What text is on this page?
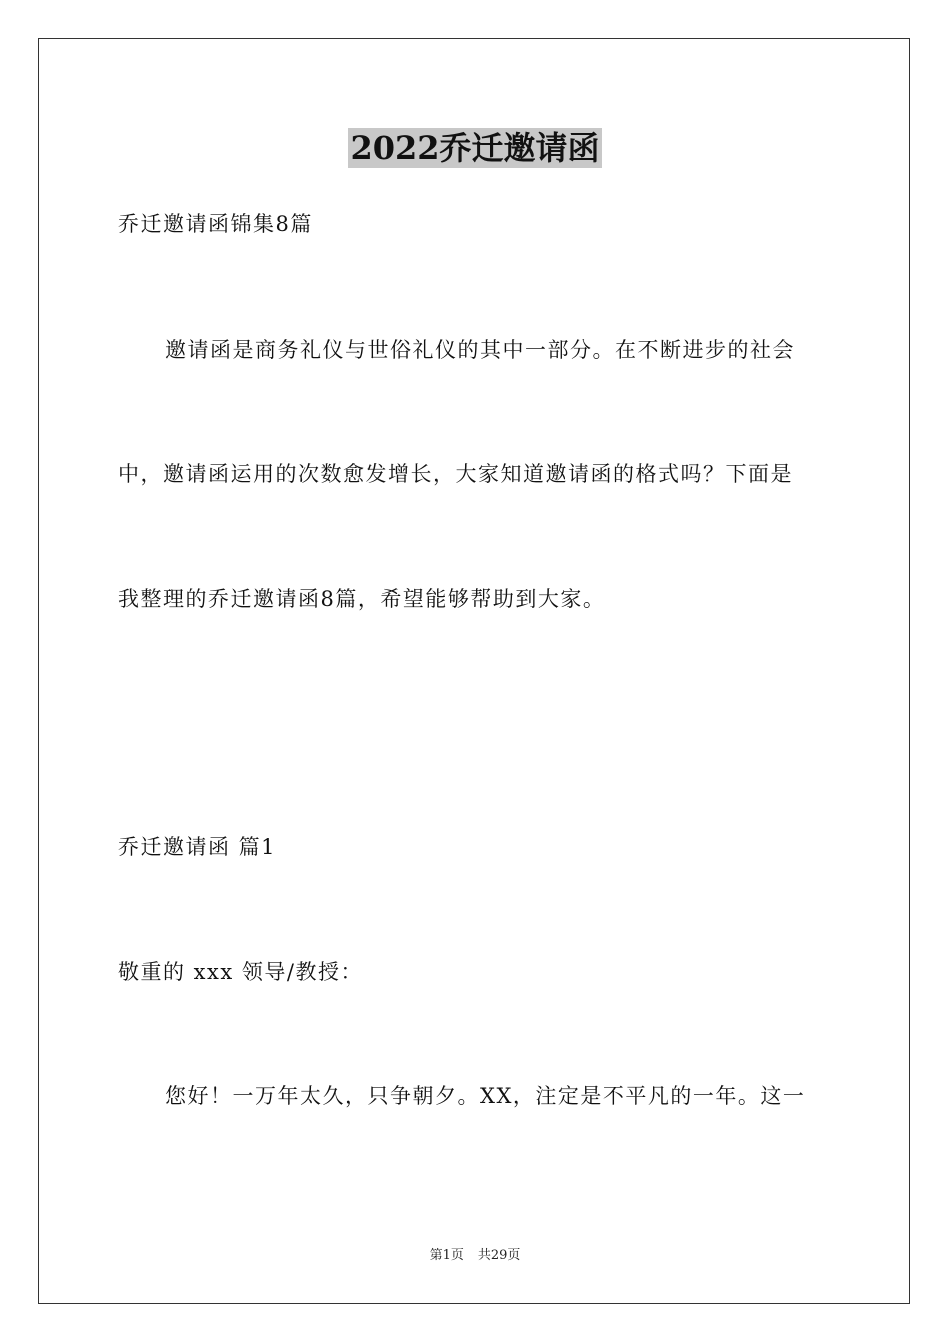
2022乔迁邀请函
乔迁邀请函锦集8篇
邀请函是商务礼仪与世俗礼仪的其中一部分。在不断进步的社会
中，邀请函运用的次数愈发增长，大家知道邀请函的格式吗？下面是
我整理的乔迁邀请函8篇，希望能够帮助到大家。
乔迁邀请函 篇1
敬重的 xxx 领导/教授：
您好！一万年太久，只争朝夕。XX，注定是不平凡的一年。这一
第1页 共29页
